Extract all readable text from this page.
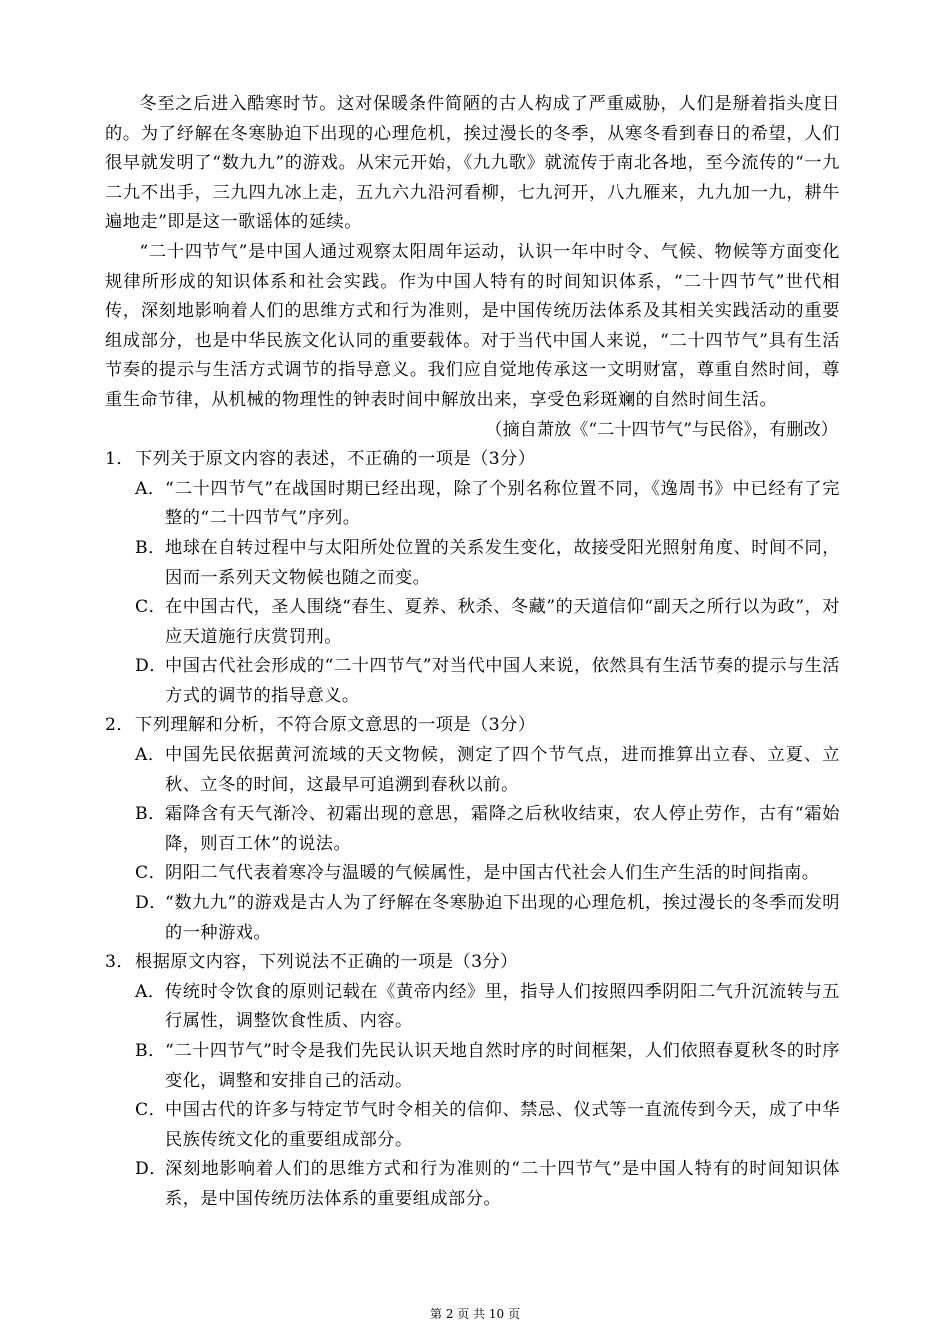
冬至之后进入酷寒时节。这对保暖条件简陋的古人构成了严重威胁，人们是掰着指头度日的。为了纾解在冬寒胁迫下出现的心理危机，挨过漫长的冬季，从寒冬看到春日的希望，人们很早就发明了“数九九”的游戏。从宋元开始，《九九歌》就流传于南北各地，至今流传的“一九二九不出手，三九四九冰上走，五九六九沿河看柳，七九河开，八九雁来，九九加一九，耕牛遍地走”即是这一歌谣体的延续。

“二十四节气”是中国人通过观察太阳周年运动，认识一年中时令、气候、物候等方面变化规律所形成的知识体系和社会实践。作为中国人特有的时间知识体系，“二十四节气”世代相传，深刻地影响着人们的思维方式和行为准则，是中国传统历法体系及其相关实践活动的重要组成部分，也是中华民族文化认同的重要载体。对于当代中国人来说，“二十四节气”具有生活节奏的提示与生活方式调节的指导意义。我们应自觉地传承这一文明财富，尊重自然时间，尊重生命节律，从机械的物理性的钟表时间中解放出来，享受色彩斑斓的自然时间生活。

（摘自萧放《“二十四节气”与民俗》，有删改）

1． 下列关于原文内容的表述，不正确的一项是（3分）

A． “二十四节气”在战国时期已经出现，除了个别名称位置不同，《逸周书》中已经有了完整的“二十四节气”序列。

B． 地球在自转过程中与太阳所处位置的关系发生变化，故接受阳光照射角度、时间不同，因而一系列天文物候也随之而变。

C．
在中国古代，圣人围绕“春生、夏养、秋杀、冬藏”的天道信仰“副天之所行以为政”，对应天道施行庆赏罚刑。

D．
中国古代社会形成的“二十四节气”对当代中国人来说，依然具有生活节奏的提示与生活方式的调节的指导意义。

2． 下列理解和分析，不符合原文意思的一项是（3分）

A． 中国先民依据黄河流域的天文物候，测定了四个节气点，进而推算出立春、立夏、立秋、立冬的时间，这最早可追溯到春秋以前。

B． 霜降含有天气渐冷、初霜出现的意思，霜降之后秋收结束，农人停止劳作，古有“霜始降，则百工休”的说法。

C．
阴阳二气代表着寒冷与温暖的气候属性，是中国古代社会人们生产生活的时间指南。

D．
“数九九”的游戏是古人为了纾解在冬寒胁迫下出现的心理危机，挨过漫长的冬季而发明的一种游戏。

3． 根据原文内容，下列说法不正确的一项是（3分）

A． 传统时令饮食的原则记载在《黄帝内经》里，指导人们按照四季阴阳二气升沉流转与五行属性，调整饮食性质、内容。

B． “二十四节气”时令是我们先民认识天地自然时序的时间框架，人们依照春夏秋冬的时序变化，调整和安排自己的活动。

C．
中国古代的许多与特定节气时令相关的信仰、禁忌、仪式等一直流传到今天，成了中华民族传统文化的重要组成部分。

D．
深刻地影响着人们的思维方式和行为准则的“二十四节气”是中国人特有的时间知识体系，是中国传统历法体系的重要组成部分。

第 2 页 共 10 页
